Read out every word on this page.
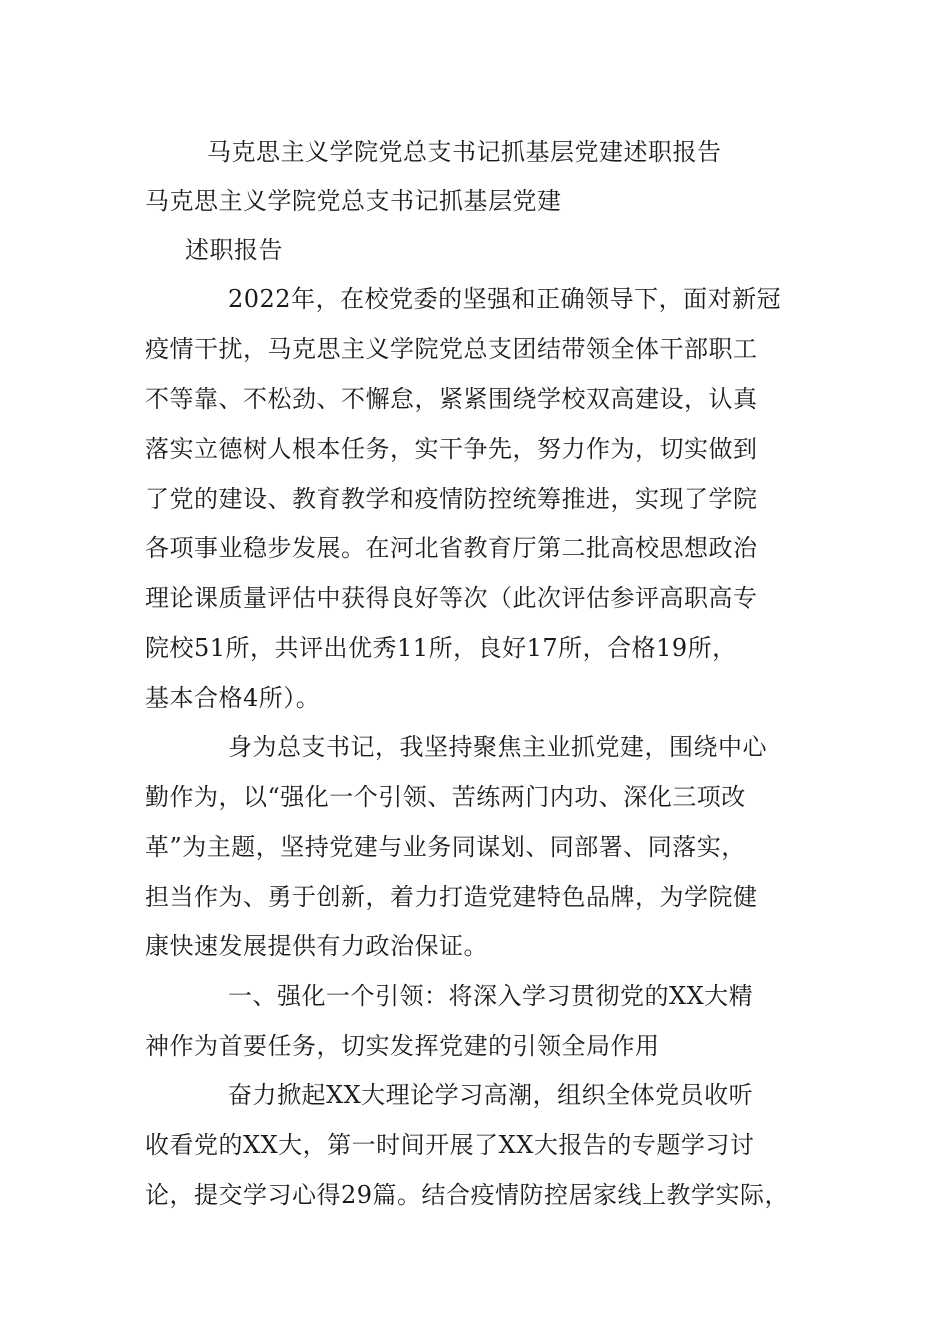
马克思主义学院党总支书记抓基层党建述职报告
马克思主义学院党总支书记抓基层党建
述职报告
2022年，在校党委的坚强和正确领导下，面对新冠
疫情干扰，马克思主义学院党总支团结带领全体干部职工
不等靠、不松劲、不懈怠，紧紧围绕学校双高建设，认真
落实立德树人根本任务，实干争先，努力作为，切实做到
了党的建设、教育教学和疫情防控统筹推进，实现了学院
各项事业稳步发展。在河北省教育厅第二批高校思想政治
理论课质量评估中获得良好等次（此次评估参评高职高专
院校51所，共评出优秀11所，良好17所，合格19所，
基本合格4所）。
身为总支书记，我坚持聚焦主业抓党建，围绕中心
勤作为，以“强化一个引领、苦练两门内功、深化三项改
革”为主题，坚持党建与业务同谋划、同部署、同落实，
担当作为、勇于创新，着力打造党建特色品牌，为学院健
康快速发展提供有力政治保证。
一、强化一个引领：将深入学习贯彻党的XX大精
神作为首要任务，切实发挥党建的引领全局作用
奋力掀起XX大理论学习高潮，组织全体党员收听
收看党的XX大，第一时间开展了XX大报告的专题学习讨
论，提交学习心得29篇。结合疫情防控居家线上教学实际，
